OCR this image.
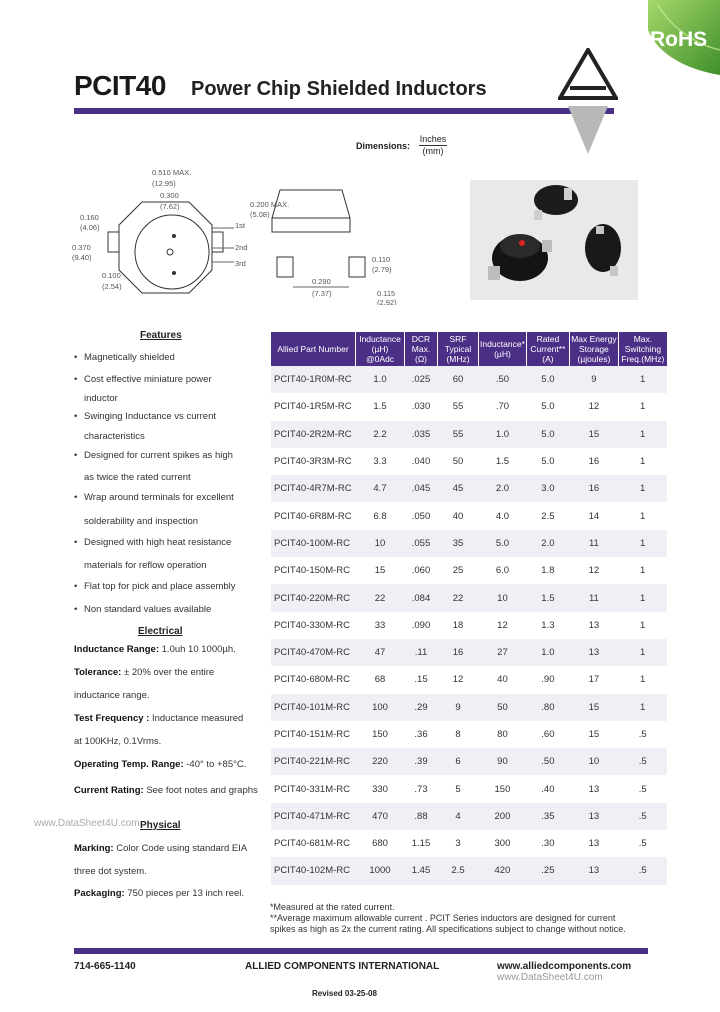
RoHS
PCIT40 Power Chip Shielded Inductors
Dimensions:
Inches
(mm)
1st
2nd
3rd
0.510 MAX.
(12.95)
0.300
(7.62)
0.160
(4.06)
0.370
(9.40)
0.100
(2.54)
0.200 MAX.
(5.08)
0.110
(2.79)
0.290
(7.37)	0.115
(2.92)
Features
• Magnetically shielded
• Cost effective miniature power
inductor
• Swinging Inductance vs current
characteristics
• Designed for current spikes as high
as twice the rated current
• Wrap around terminals for excellent
solderability and inspection
• Designed with high heat resistance
materials for reflow operation
• Flat top for pick and place assembly
• Non standard values available
Electrical
Inductance Range: 1.0uh 10 1000µh.
Tolerance: ± 20% over the entire
inductance range.
Test Frequency : Inductance measured
at 100KHz, 0.1Vrms.
Operating Temp. Range: -40° to +85°C.
Current Rating: See foot notes and graphs
www.DataSheet4U.com Physical
Marking: Color Code using standard EIA
three dot system.
Packaging: 750 pieces per 13 inch reel.
Allied Part Number	Inductance (µH) @0Adc	DCR Max. (Ω)	SRF Typical (MHz)	Inductance* (µH)	Rated Current** (A)	Max Energy Storage (µjoules)	Max. Switching Freq.(MHz)
PCIT40-1R0M-RC	1.0	.025	60	.50	5.0	9	1
PCIT40-1R5M-RC	1.5	.030	55	.70	5.0	12	1
PCIT40-2R2M-RC	2.2	.035	55	1.0	5.0	15	1
PCIT40-3R3M-RC	3.3	.040	50	1.5	5.0	16	1
PCIT40-4R7M-RC	4.7	.045	45	2.0	3.0	16	1
PCIT40-6R8M-RC	6.8	.050	40	4.0	2.5	14	1
PCIT40-100M-RC	10	.055	35	5.0	2.0	11	1
PCIT40-150M-RC	15	.060	25	6.0	1.8	12	1
PCIT40-220M-RC	22	.084	22	10	1.5	11	1
PCIT40-330M-RC	33	.090	18	12	1.3	13	1
PCIT40-470M-RC	47	.11	16	27	1.0	13	1
PCIT40-680M-RC	68	.15	12	40	.90	17	1
PCIT40-101M-RC	100	.29	9	50	.80	15	1
PCIT40-151M-RC	150	.36	8	80	.60	15	.5
PCIT40-221M-RC	220	.39	6	90	.50	10	.5
PCIT40-331M-RC	330	.73	5	150	.40	13	.5
PCIT40-471M-RC	470	.88	4	200	.35	13	.5
PCIT40-681M-RC	680	1.15	3	300	.30	13	.5
PCIT40-102M-RC	1000	1.45	2.5	420	.25	13	.5
*Measured at the rated current.
**Average maximum allowable current . PCIT Series inductors are designed for current
spikes as high as 2x the current rating. All specifications subject to change without notice.
714-665-1140	ALLIED COMPONENTS INTERNATIONAL	www.alliedcomponents.com www.DataSheet4U.com
Revised 03-25-08
